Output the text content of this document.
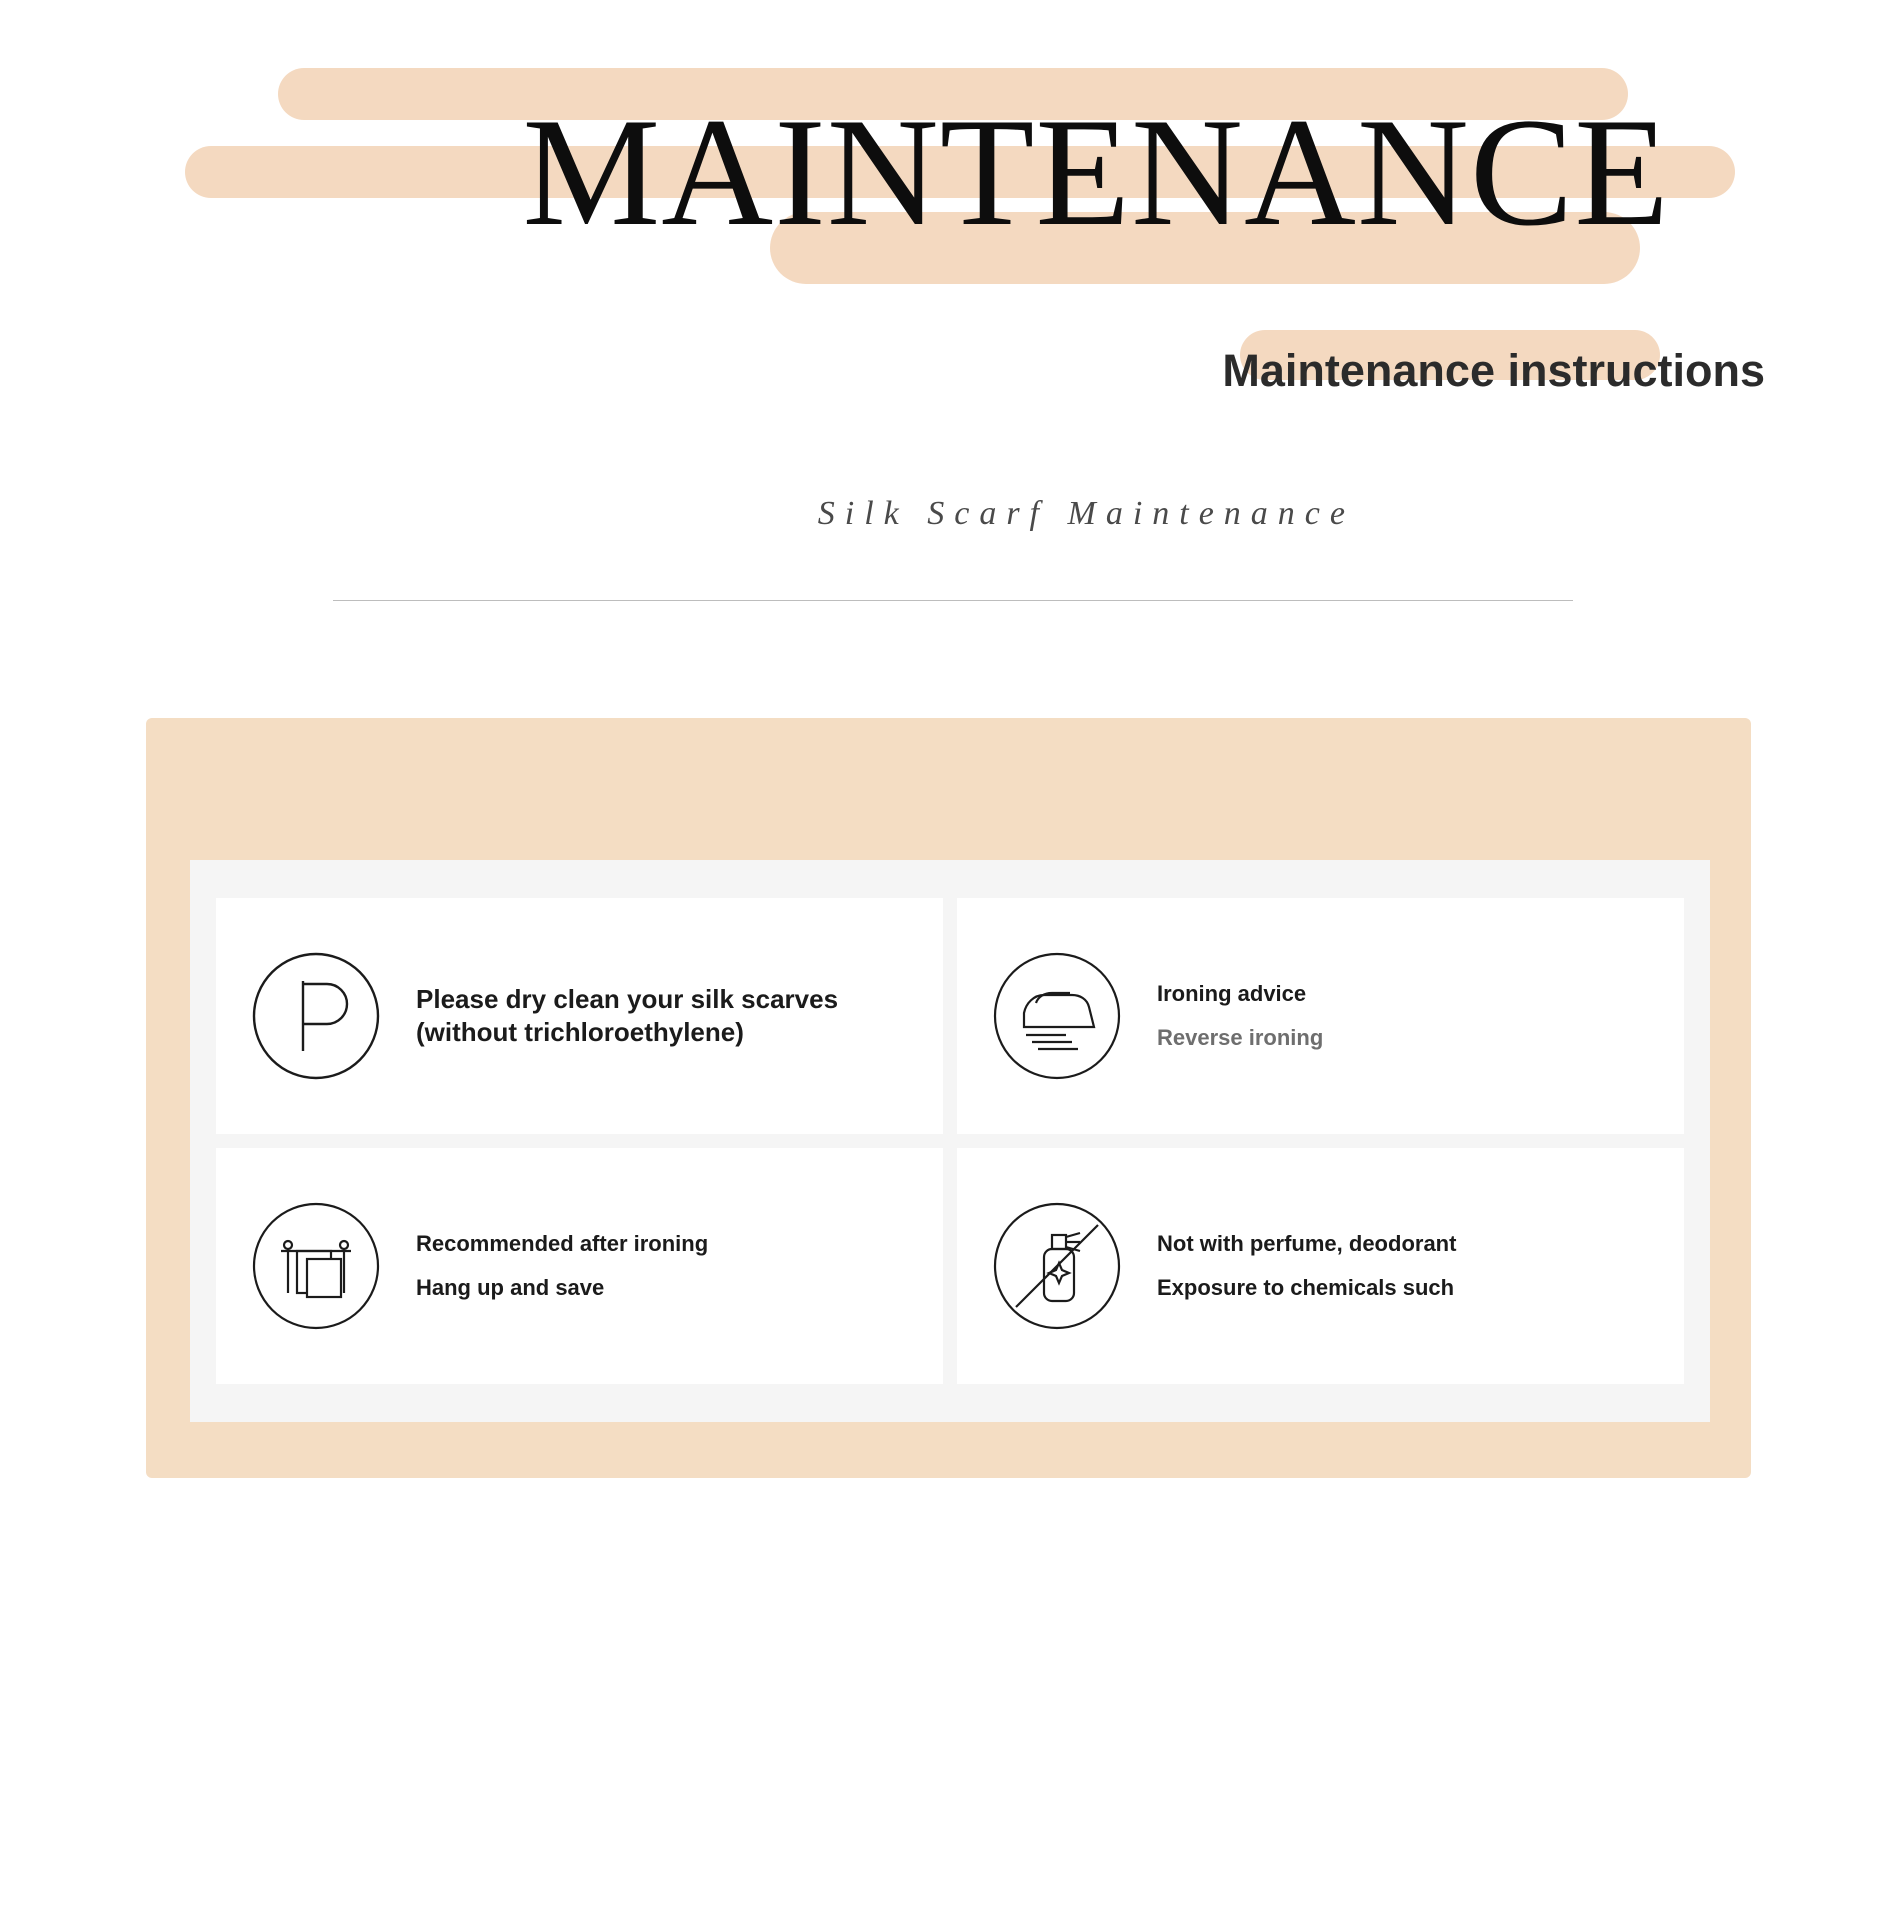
MAINTENANCE
Maintenance instructions
Silk Scarf Maintenance
Please dry clean your silk scarves (without trichloroethylene)
Ironing advice
Reverse ironing
Recommended after ironing
Hang up and save
Not with perfume, deodorant
Exposure to chemicals such
